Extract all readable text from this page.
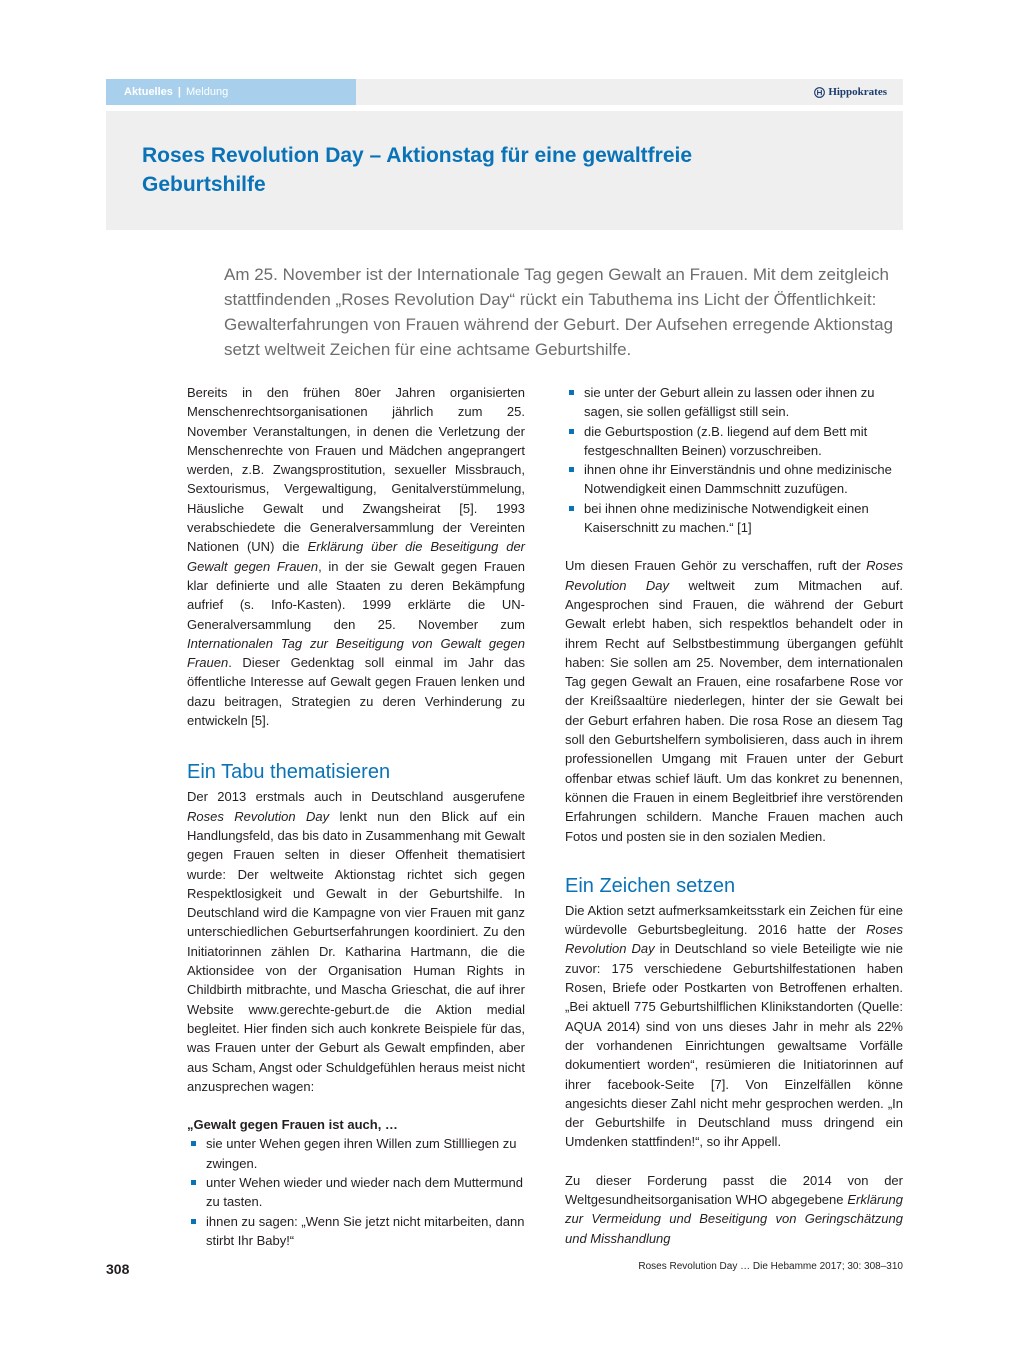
Aktuelles | Meldung	Hippokrates
Roses Revolution Day – Aktionstag für eine gewaltfreie Geburtshilfe

Am 25. November ist der Internationale Tag gegen Gewalt an Frauen. Mit dem zeitgleich stattfindenden „Roses Revolution Day“ rückt ein Tabuthema ins Licht der Öffentlichkeit: Gewalterfahrungen von Frauen während der Geburt. Der Aufsehen erregende Aktionstag setzt weltweit Zeichen für eine achtsame Geburtshilfe.

Bereits in den frühen 80er Jahren organisierten Menschenrechtsorganisationen jährlich zum 25. November Veranstaltungen, in denen die Verletzung der Menschenrechte von Frauen und Mädchen angeprangert werden, z.B. Zwangsprostitution, sexueller Missbrauch, Sextourismus, Vergewaltigung, Genitalverstümmelung, Häusliche Gewalt und Zwangsheirat [5]. 1993 verabschiedete die Generalversammlung der Vereinten Nationen (UN) die Erklärung über die Beseitigung der Gewalt gegen Frauen, in der sie Gewalt gegen Frauen klar definierte und alle Staaten zu deren Bekämpfung aufrief (s. Info-Kasten). 1999 erklärte die UN-Generalversammlung den 25. November zum Internationalen Tag zur Beseitigung von Gewalt gegen Frauen. Dieser Gedenktag soll einmal im Jahr das öffentliche Interesse auf Gewalt gegen Frauen lenken und dazu beitragen, Strategien zu deren Verhinderung zu entwickeln [5].

Ein Tabu thematisieren

Der 2013 erstmals auch in Deutschland ausgerufene Roses Revolution Day lenkt nun den Blick auf ein Handlungsfeld, das bis dato in Zusammenhang mit Gewalt gegen Frauen selten in dieser Offenheit thematisiert wurde: Der weltweite Aktionstag richtet sich gegen Respektlosigkeit und Gewalt in der Geburtshilfe. In Deutschland wird die Kampagne von vier Frauen mit ganz unterschiedlichen Geburtserfahrungen koordiniert. Zu den Initiatorinnen zählen Dr. Katharina Hartmann, die die Aktionsidee von der Organisation Human Rights in Childbirth mitbrachte, und Mascha Grieschat, die auf ihrer Website www.gerechte-geburt.de die Aktion medial begleitet. Hier finden sich auch konkrete Beispiele für das, was Frauen unter der Geburt als Gewalt empfinden, aber aus Scham, Angst oder Schuldgefühlen heraus meist nicht anzusprechen wagen:

„Gewalt gegen Frauen ist auch, …
sie unter Wehen gegen ihren Willen zum Stillliegen zu zwingen.
unter Wehen wieder und wieder nach dem Muttermund zu tasten.
ihnen zu sagen: „Wenn Sie jetzt nicht mitarbeiten, dann stirbt Ihr Baby!“
sie unter der Geburt allein zu lassen oder ihnen zu sagen, sie sollen gefälligst still sein.
die Geburtspostion (z.B. liegend auf dem Bett mit festgeschnallten Beinen) vorzuschreiben.
ihnen ohne ihr Einverständnis und ohne medizinische Notwendigkeit einen Dammschnitt zuzufügen.
bei ihnen ohne medizinische Notwendigkeit einen Kaiserschnitt zu machen.“ [1]

Um diesen Frauen Gehör zu verschaffen, ruft der Roses Revolution Day weltweit zum Mitmachen auf. Angesprochen sind Frauen, die während der Geburt Gewalt erlebt haben, sich respektlos behandelt oder in ihrem Recht auf Selbstbestimmung übergangen gefühlt haben: Sie sollen am 25. November, dem internationalen Tag gegen Gewalt an Frauen, eine rosafarbene Rose vor der Kreißsaaltüre niederlegen, hinter der sie Gewalt bei der Geburt erfahren haben. Die rosa Rose an diesem Tag soll den Geburtshelfern symbolisieren, dass auch in ihrem professionellen Umgang mit Frauen unter der Geburt offenbar etwas schief läuft. Um das konkret zu benennen, können die Frauen in einem Begleitbrief ihre verstörenden Erfahrungen schildern. Manche Frauen machen auch Fotos und posten sie in den sozialen Medien.

Ein Zeichen setzen

Die Aktion setzt aufmerksamkeitsstark ein Zeichen für eine würdevolle Geburtsbegleitung. 2016 hatte der Roses Revolution Day in Deutschland so viele Beteiligte wie nie zuvor: 175 verschiedene Geburtshilfestationen haben Rosen, Briefe oder Postkarten von Betroffenen erhalten. „Bei aktuell 775 Geburtshilflichen Klinikstandorten (Quelle: AQUA 2014) sind von uns dieses Jahr in mehr als 22% der vorhandenen Einrichtungen gewaltsame Vorfälle dokumentiert worden“, resümieren die Initiatorinnen auf ihrer facebook-Seite [7]. Von Einzelfällen könne angesichts dieser Zahl nicht mehr gesprochen werden. „In der Geburtshilfe in Deutschland muss dringend ein Umdenken stattfinden!“, so ihr Appell.

Zu dieser Forderung passt die 2014 von der Weltgesundheitsorganisation WHO abgegebene Erklärung zur Vermeidung und Beseitigung von Geringschätzung und Misshandlung

308	Roses Revolution Day … Die Hebamme 2017; 30: 308–310
